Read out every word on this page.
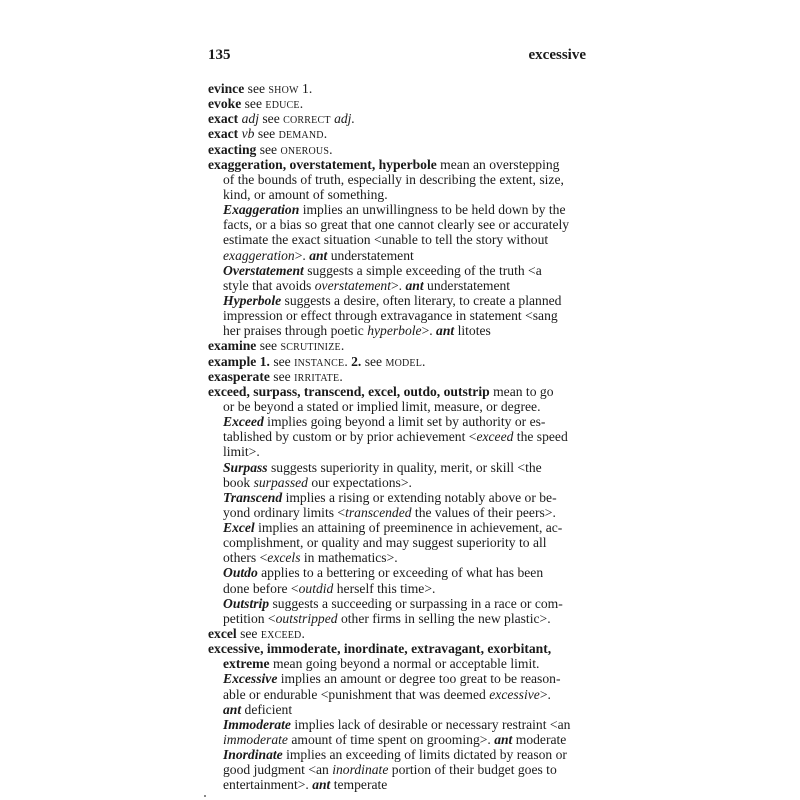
135	excessive
evince see show 1.
evoke see educe.
exact adj see correct adj.
exact vb see demand.
exacting see onerous.
exaggeration, overstatement, hyperbole mean an overstepping
of the bounds of truth, especially in describing the extent, size,
kind, or amount of something.
Exaggeration implies an unwillingness to be held down by the
facts, or a bias so great that one cannot clearly see or accurately
estimate the exact situation <unable to tell the story without
exaggeration>. ant understatement
Overstatement suggests a simple exceeding of the truth <a
style that avoids overstatement>. ant understatement
Hyperbole suggests a desire, often literary, to create a planned
impression or effect through extravagance in statement <sang
her praises through poetic hyperbole>. ant litotes
examine see scrutinize.
example 1. see instance. 2. see model.
exasperate see irritate.
exceed, surpass, transcend, excel, outdo, outstrip mean to go
or be beyond a stated or implied limit, measure, or degree.
Exceed implies going beyond a limit set by authority or es-
tablished by custom or by prior achievement <exceed the speed
limit>.
Surpass suggests superiority in quality, merit, or skill <the
book surpassed our expectations>.
Transcend implies a rising or extending notably above or be-
yond ordinary limits <transcended the values of their peers>.
Excel implies an attaining of preeminence in achievement, ac-
complishment, or quality and may suggest superiority to all
others <excels in mathematics>.
Outdo applies to a bettering or exceeding of what has been
done before <outdid herself this time>.
Outstrip suggests a succeeding or surpassing in a race or com-
petition <outstripped other firms in selling the new plastic>.
excel see exceed.
excessive, immoderate, inordinate, extravagant, exorbitant,
extreme mean going beyond a normal or acceptable limit.
Excessive implies an amount or degree too great to be reason-
able or endurable <punishment that was deemed excessive>.
ant deficient
Immoderate implies lack of desirable or necessary restraint <an
immoderate amount of time spent on grooming>. ant moderate
Inordinate implies an exceeding of limits dictated by reason or
good judgment <an inordinate portion of their budget goes to
entertainment>. ant temperate
